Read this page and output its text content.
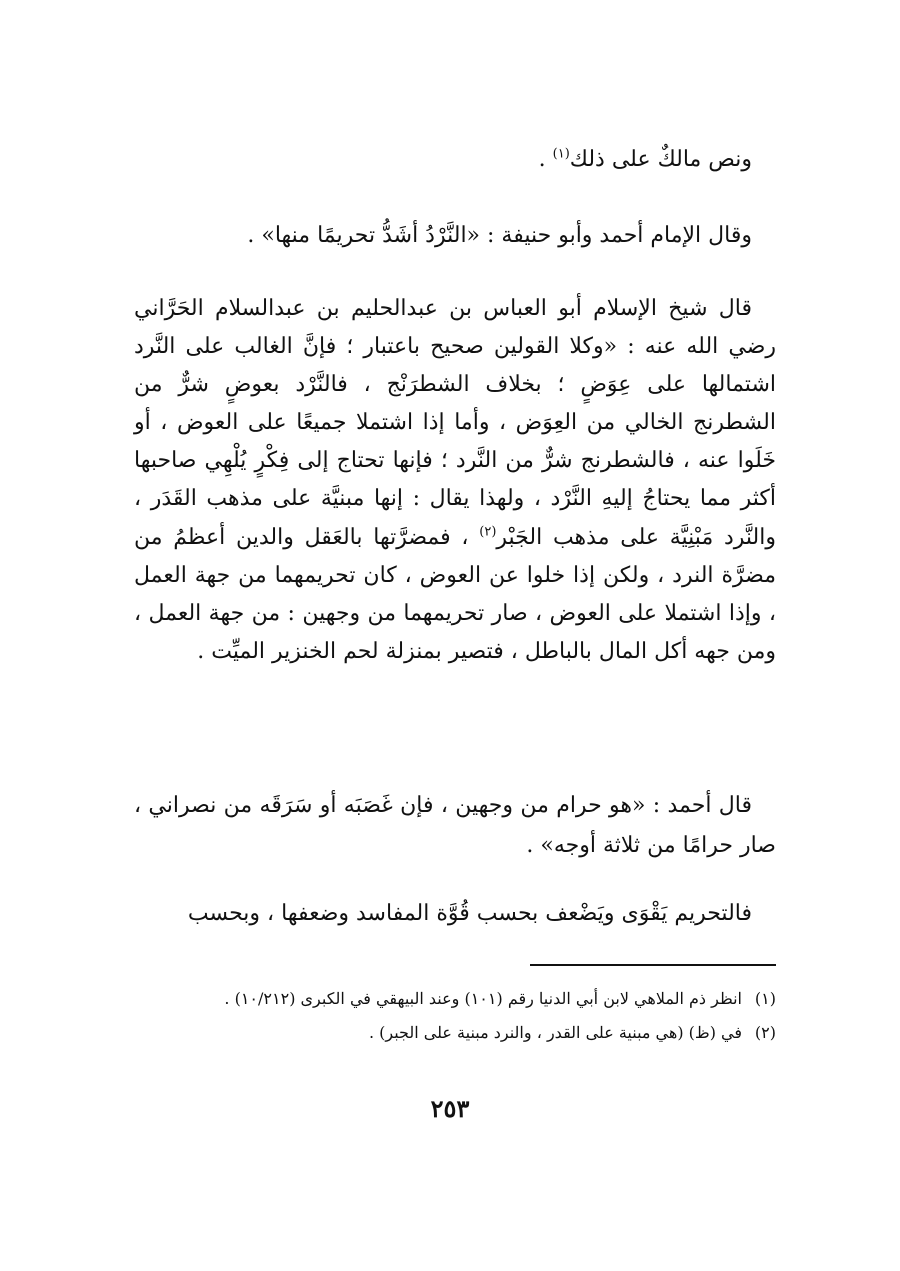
ونص مالكٌ على ذلك$^{(١)}$ .

وقال الإمام أحمد وأبو حنيفة : «النَّرْدُ أشَدُّ تحريمًا منها» .

قال شيخ الإسلام أبو العباس بن عبدالحليم بن عبدالسلام الحَرَّاني رضي الله عنه : «وكلا القولين صحيح باعتبار ؛ فإنَّ الغالب على النَّرد اشتمالها على عِوَضٍ ؛ بخلاف الشطرَنْج ، فالنَّرْد بعوضٍ شرٌّ من الشطرنج الخالي من العِوَض ، وأما إذا اشتملا جميعًا على العوض ، أو خَلَوا عنه ، فالشطرنج شرٌّ من النَّرد ؛ فإنها تحتاج إلى فِكْرٍ يُلْهِي صاحبها أكثر مما يحتاجُ إليهِ النَّرْد ، ولهذا يقال : إنها مبنيَّة على مذهب القَدَر ، والنَّرد مَبْنِيَّة على مذهب الجَبْر$^{(٢)}$ ، فمضرَّتها بالعَقل والدين أعظمُ من مضرَّة النرد ، ولكن إذا خلوا عن العوض ، كان تحريمهما من جهة العمل ، وإذا اشتملا على العوض ، صار تحريمهما من وجهين : من جهة العمل ، ومن جهه أكل المال بالباطل ، فتصير بمنزلة لحم الخنزير الميِّت .

قال أحمد : «هو حرام من وجهين ، فإن غَصَبَه أو سَرَقَه من نصراني ، صار حرامًا من ثلاثة أوجه» .

فالتحريم يَقْوَى ويَضْعف بحسب قُوَّة المفاسد وضعفها ، وبحسب

(١)
انظر ذم الملاهي لابن أبي الدنيا رقم (١٠١) وعند البيهقي في الكبرى (١٠/٢١٢) .
(٢)
في (ظ) (هي مبنية على القدر ، والنرد مبنية على الجبر) .
٢٥٣
